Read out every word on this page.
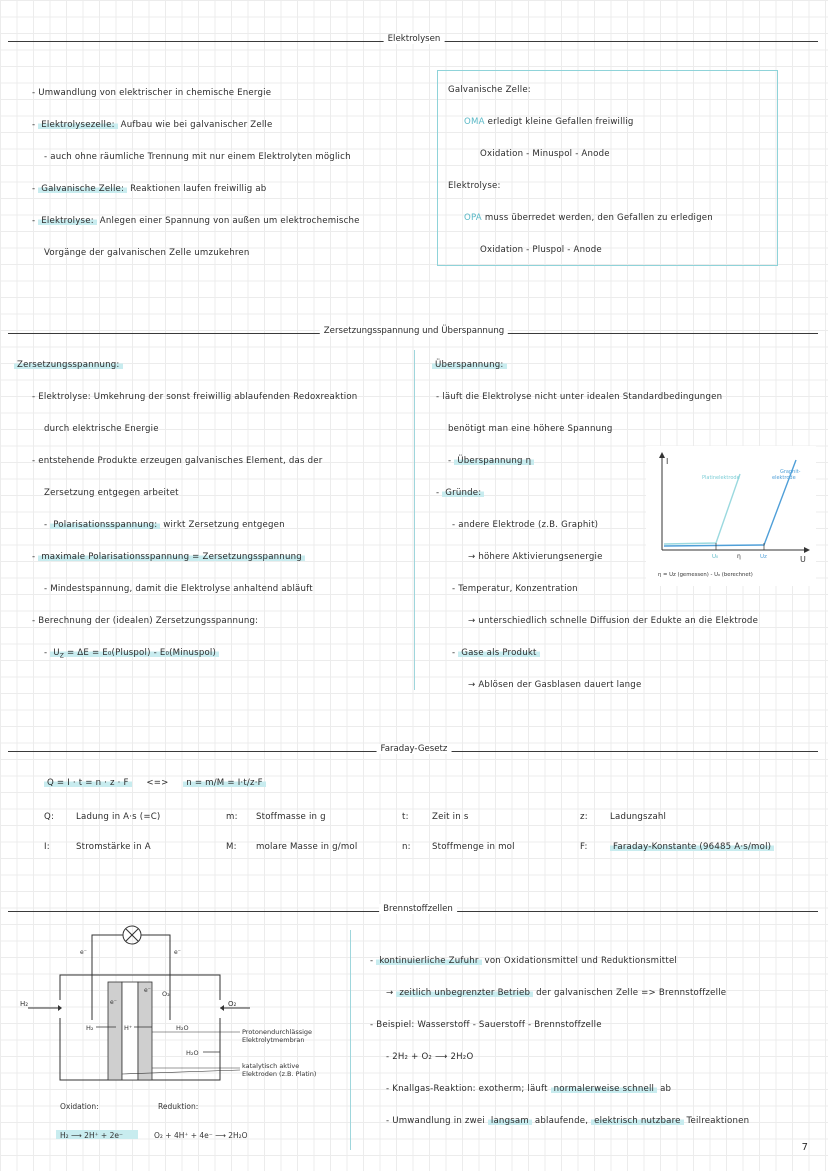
Elektrolysen
- Umwandlung von elektrischer in chemische Energie
- Elektrolysezelle: Aufbau wie bei galvanischer Zelle
- auch ohne räumliche Trennung mit nur einem Elektrolyten möglich
- Galvanische Zelle: Reaktionen laufen freiwillig ab
- Elektrolyse: Anlegen einer Spannung von außen um elektrochemische
Vorgänge der galvanischen Zelle umzukehren
Galvanische Zelle:
OMA erledigt kleine Gefallen freiwillig
Oxidation - Minuspol - Anode
Elektrolyse:
OPA muss überredet werden, den Gefallen zu erledigen
Oxidation - Pluspol - Anode
Zersetzungsspannung und Überspannung
Zersetzungsspannung:
- Elektrolyse: Umkehrung der sonst freiwillig ablaufenden Redoxreaktion
durch elektrische Energie
- entstehende Produkte erzeugen galvanisches Element, das der
Zersetzung entgegen arbeitet
- Polarisationsspannung: wirkt Zersetzung entgegen
- maximale Polarisationsspannung = Zersetzungsspannung
- Mindestspannung, damit die Elektrolyse anhaltend abläuft
- Berechnung der (idealen) Zersetzungsspannung:
- $U_Z = \Delta E$ = E₀(Pluspol) - E₀(Minuspol)
Überspannung:
- läuft die Elektrolyse nicht unter idealen Standardbedingungen
benötigt man eine höhere Spannung
- Überspannung η
- Gründe:
- andere Elektrode (z.B. Graphit)
→ höhere Aktivierungsenergie
- Temperatur, Konzentration
→ unterschiedlich schnelle Diffusion der Edukte an die Elektrode
- Gase als Produkt
→ Ablösen der Gasblasen dauert lange
I
U
Platinelektrode
Graphit-
elektrode
U₀	η	Uz
η = Uz (gemessen) - U₀ (berechnet)
Faraday-Gesetz
Q = I · t = n · z · F <=> n = m/M = I·t/z·F
Q:	Ladung in A·s (=C)	m: Stoffmasse in g	t:	Zeit in s	z:	Ladungszahl
I:	Stromstärke in A	M: molare Masse in g/mol	n: Stoffmenge in mol	F:	Faraday-Konstante (96485 A·s/mol)
Brennstoffzellen
H₂	O₂
H₂	H⁺
O₂
H₂O
H₂O
e⁻
e⁻
e⁻	e⁻
Protonendurchlässige
Elektrolytmembran
katalytisch aktive
Elektroden (z.B. Platin)
Oxidation:	Reduktion:
H₂ ⟶ 2H⁺ + 2e⁻	O₂ + 4H⁺ + 4e⁻ ⟶ 2H₂O
- kontinuierliche Zufuhr von Oxidationsmittel und Reduktionsmittel
→ zeitlich unbegrenzter Betrieb der galvanischen Zelle => Brennstoffzelle
- Beispiel: Wasserstoff - Sauerstoff - Brennstoffzelle
- 2H₂ + O₂ ⟶ 2H₂O
- Knallgas-Reaktion: exotherm; läuft normalerweise schnell ab
- Umwandlung in zwei langsam ablaufende, elektrisch nutzbare Teilreaktionen
7
